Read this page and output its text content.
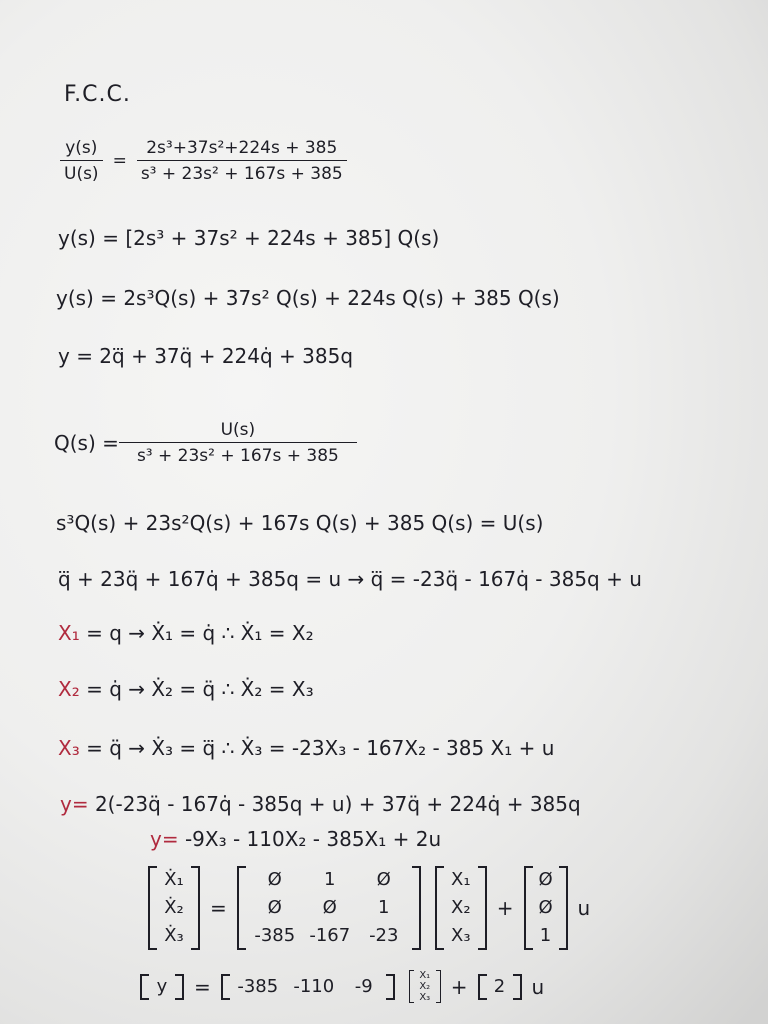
F.C.C.
$\frac{y(s)}{U(s)} = \frac{\text{2s³+37s²+224s + 385}}{\text{s³ + 23s² + 167s + 385}}$
y(s) = [2s³ + 37s² + 224s + 385] Q(s)
y(s) = 2s³Q(s) + 37s² Q(s) + 224s Q(s) + 385 Q(s)
y = 2q⃛ + 37q̈ + 224q̇ + 385q
$Q(s) = \frac{U(s)}{\text{s³ + 23s² + 167s + 385}}$
s³Q(s) + 23s²Q(s) + 167s Q(s) + 385 Q(s) = U(s)
q⃛ + 23q̈ + 167q̇ + 385q = u → q⃛ = -23q̈ - 167q̇ - 385q + u
X₁ = q → Ẋ₁ = q̇ ∴ Ẋ₁ = X₂
X₂ = q̇ → Ẋ₂ = q̈ ∴ Ẋ₂ = X₃
X₃ = q̈ → Ẋ₃ = q⃛ ∴ Ẋ₃ = -23X₃ - 167X₂ - 385 X₁ + u
y= 2(-23q̈ - 167q̇ - 385q + u) + 37q̈ + 224q̇ + 385q
y= -9X₃ - 110X₂ - 385X₁ + 2u
Ẋ₁
Ẋ₂
Ẋ₃
=
Ø 1 Ø
Ø Ø 1
-385 -167 -23
X₁
X₂
X₃
+
Ø
Ø
1
u
y = -385 -110 -9
X₁
X₂
X₃ + 2 u
